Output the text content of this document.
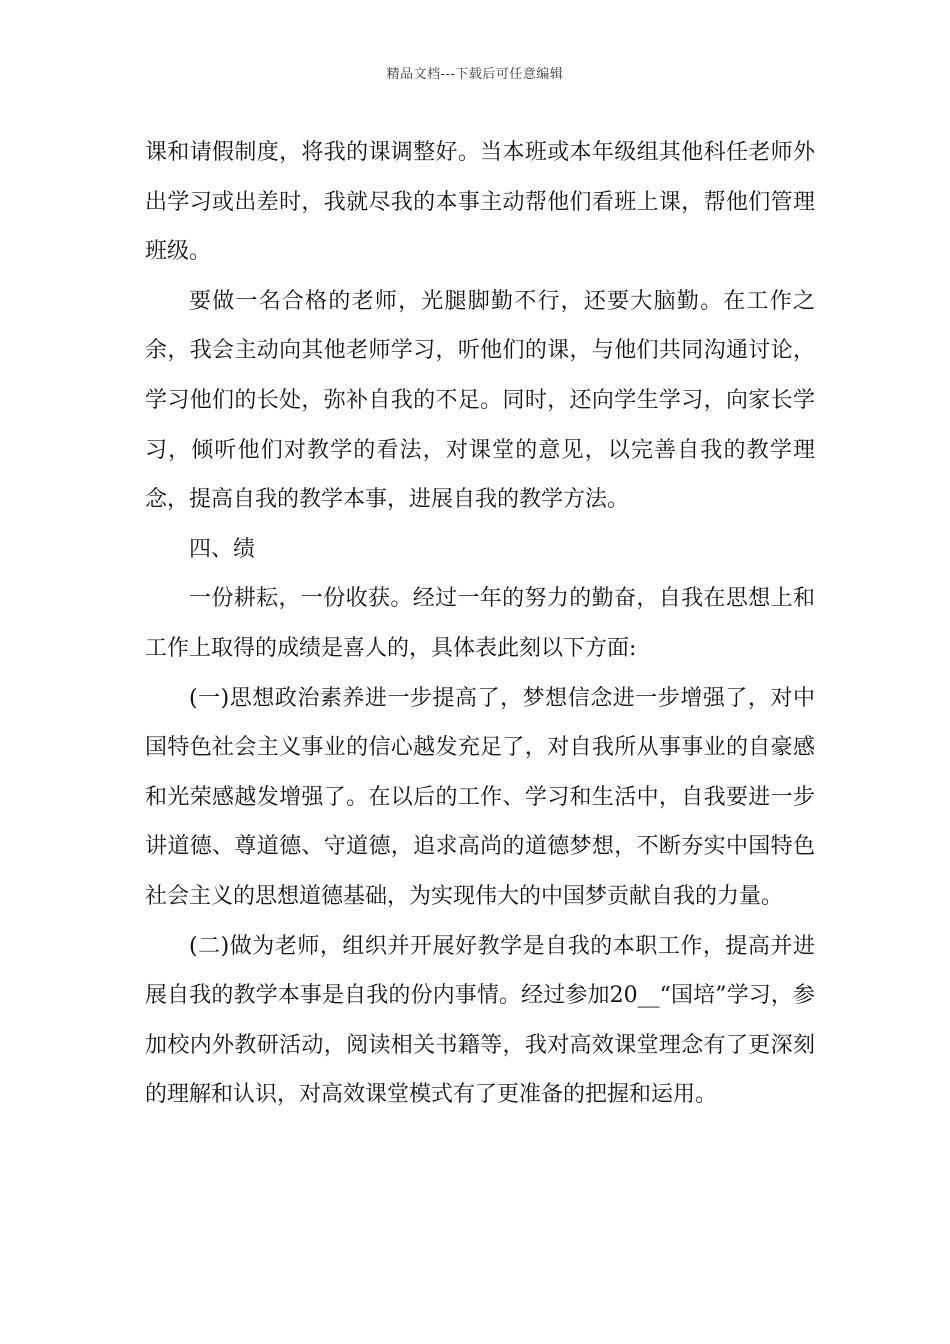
精品文档---下载后可任意编辑

课和请假制度，将我的课调整好。当本班或本年级组其他科任老师外出学习或出差时，我就尽我的本事主动帮他们看班上课，帮他们管理班级。

要做一名合格的老师，光腿脚勤不行，还要大脑勤。在工作之余，我会主动向其他老师学习，听他们的课，与他们共同沟通讨论，学习他们的长处，弥补自我的不足。同时，还向学生学习，向家长学习，倾听他们对教学的看法，对课堂的意见，以完善自我的教学理念，提高自我的教学本事，进展自我的教学方法。

四、绩

一份耕耘，一份收获。经过一年的努力的勤奋，自我在思想上和工作上取得的成绩是喜人的，具体表此刻以下方面:

(一)思想政治素养进一步提高了，梦想信念进一步增强了，对中国特色社会主义事业的信心越发充足了，对自我所从事事业的自豪感和光荣感越发增强了。在以后的工作、学习和生活中，自我要进一步讲道德、尊道德、守道德，追求高尚的道德梦想，不断夯实中国特色社会主义的思想道德基础，为实现伟大的中国梦贡献自我的力量。

(二)做为老师，组织并开展好教学是自我的本职工作，提高并进展自我的教学本事是自我的份内事情。经过参加20__“国培”学习，参加校内外教研活动，阅读相关书籍等，我对高效课堂理念有了更深刻的理解和认识，对高效课堂模式有了更准备的把握和运用。
